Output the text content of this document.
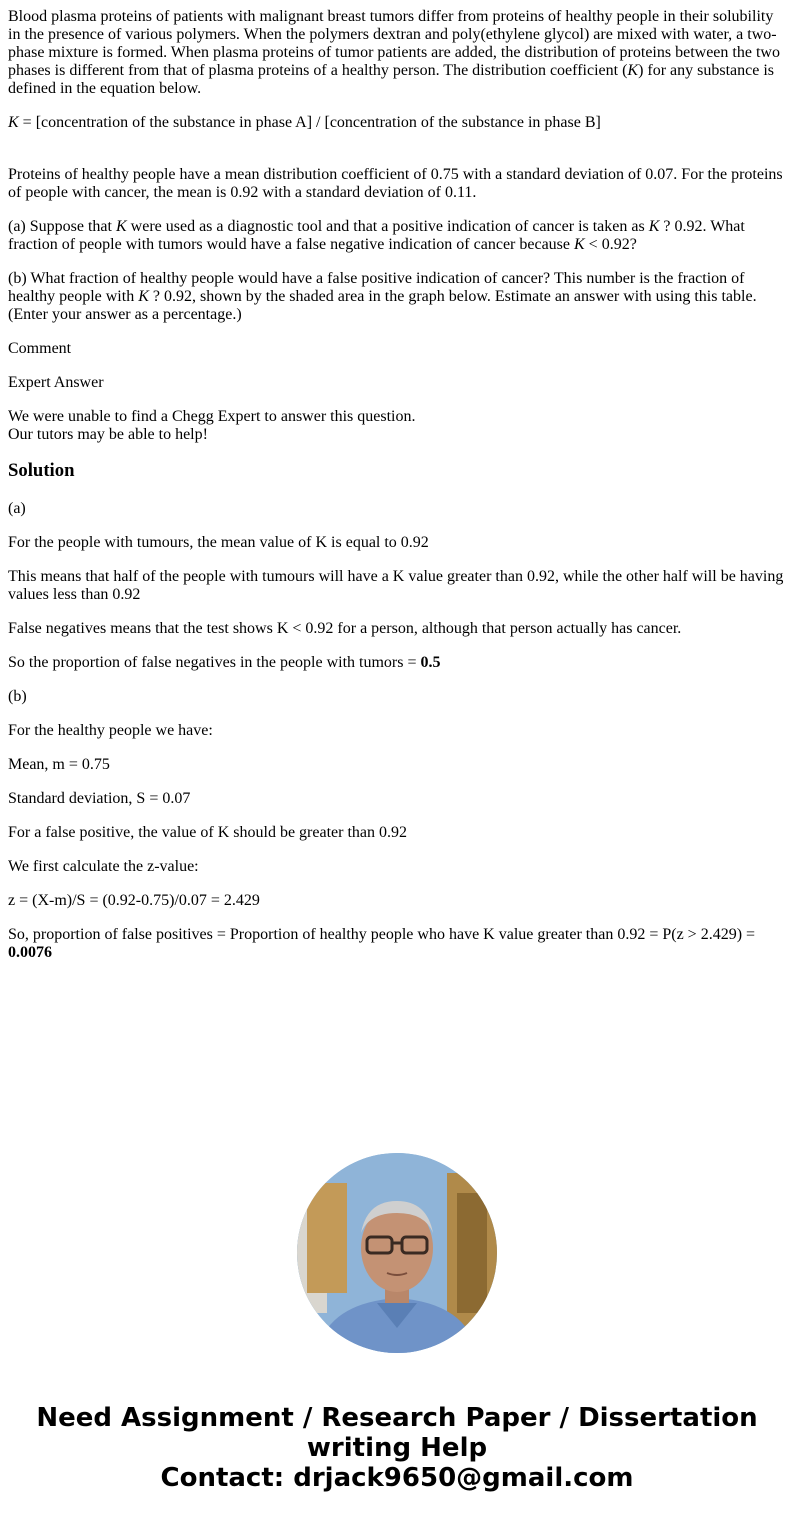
Blood plasma proteins of patients with malignant breast tumors differ from proteins of healthy people in their solubility in the presence of various polymers. When the polymers dextran and poly(ethylene glycol) are mixed with water, a two-phase mixture is formed. When plasma proteins of tumor patients are added, the distribution of proteins between the two phases is different from that of plasma proteins of a healthy person. The distribution coefficient (K) for any substance is defined in the equation below.

K = [concentration of the substance in phase A] / [concentration of the substance in phase B]

Proteins of healthy people have a mean distribution coefficient of 0.75 with a standard deviation of 0.07. For the proteins of people with cancer, the mean is 0.92 with a standard deviation of 0.11.

(a) Suppose that K were used as a diagnostic tool and that a positive indication of cancer is taken as K ? 0.92. What fraction of people with tumors would have a false negative indication of cancer because K < 0.92?

(b) What fraction of healthy people would have a false positive indication of cancer? This number is the fraction of healthy people with K ? 0.92, shown by the shaded area in the graph below. Estimate an answer with using this table. (Enter your answer as a percentage.)

Comment

Expert Answer

We were unable to find a Chegg Expert to answer this question.
Our tutors may be able to help!

Solution

(a)

For the people with tumours, the mean value of K is equal to 0.92

This means that half of the people with tumours will have a K value greater than 0.92, while the other half will be having values less than 0.92

False negatives means that the test shows K < 0.92 for a person, although that person actually has cancer.

So the proportion of false negatives in the people with tumors = 0.5

(b)

For the healthy people we have:

Mean, m = 0.75

Standard deviation, S = 0.07

For a false positive, the value of K should be greater than 0.92

We first calculate the z-value:

z = (X-m)/S = (0.92-0.75)/0.07 = 2.429

So, proportion of false positives = Proportion of healthy people who have K value greater than 0.92 = P(z > 2.429) = 0.0076

Need Assignment / Research Paper / Dissertation writing Help
Contact: drjack9650@gmail.com
